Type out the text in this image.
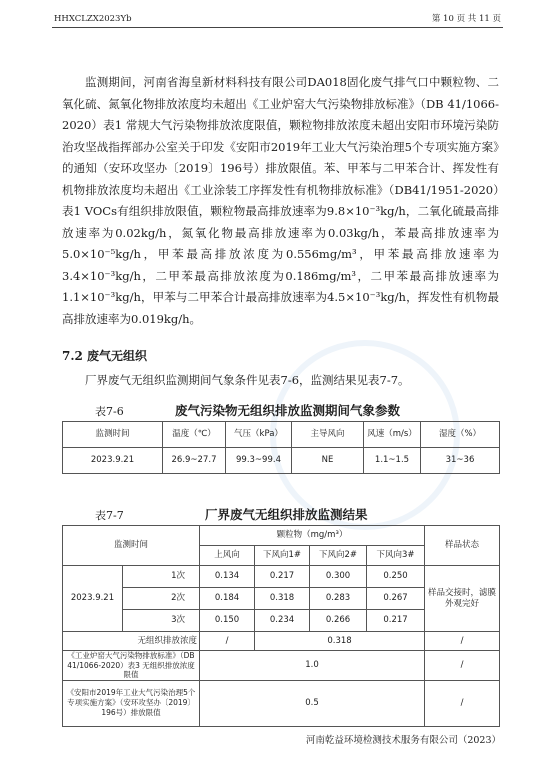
HHXCLZX2023Yb	第 10 页 共 11 页

监测期间，河南省海皇新材料科技有限公司DA018固化废气排气口中颗粒物、二氧化硫、氮氧化物排放浓度均未超出《工业炉窑大气污染物排放标准》（DB 41/1066-2020）表1 常规大气污染物排放浓度限值，颗粒物排放浓度未超出安阳市环境污染防治攻坚战指挥部办公室关于印发《安阳市2019年工业大气污染治理5个专项实施方案》的通知（安环攻坚办〔2019〕196号）排放限值。苯、甲苯与二甲苯合计、挥发性有机物排放浓度均未超出《工业涂装工序挥发性有机物排放标准》（DB41/1951-2020）表1 VOCs有组织排放限值，颗粒物最高排放速率为9.8×10⁻³kg/h，二氧化硫最高排放速率为0.02kg/h，氮氧化物最高排放速率为0.03kg/h，苯最高排放速率为5.0×10⁻⁵kg/h，甲苯最高排放浓度为0.556mg/m³，甲苯最高排放速率为3.4×10⁻³kg/h，二甲苯最高排放浓度为0.186mg/m³，二甲苯最高排放速率为1.1×10⁻³kg/h，甲苯与二甲苯合计最高排放速率为4.5×10⁻³kg/h，挥发性有机物最高排放速率为0.019kg/h。

7.2 废气无组织

厂界废气无组织监测期间气象条件见表7-6，监测结果见表7-7。

表7-6	废气污染物无组织排放监测期间气象参数
监测时间	温度（℃）	气压（kPa）	主导风向	风速（m/s）	湿度（%）
2023.9.21	26.9~27.7	99.3~99.4	NE	1.1~1.5	31~36
表7-7	厂界废气无组织排放监测结果
监测时间		颗粒物（mg/m³）				样品状态
		上风向	下风向1#	下风向2#	下风向3#	
2023.9.21	1次	0.134	0.217	0.300	0.250	样品交接时，滤膜外观完好
	2次	0.184	0.318	0.283	0.267	
	3次	0.150	0.234	0.266	0.217	
无组织排放浓度		/	0.318			/
《工业炉窑大气污染物排放标准》（DB 41/1066-2020）表3 无组织排放浓度限值		1.0				/
《安阳市2019年工业大气污染治理5个专项实施方案》（安环攻坚办〔2019〕196号）排放限值		0.5				/
河南乾益环境检测技术服务有限公司（2023）
